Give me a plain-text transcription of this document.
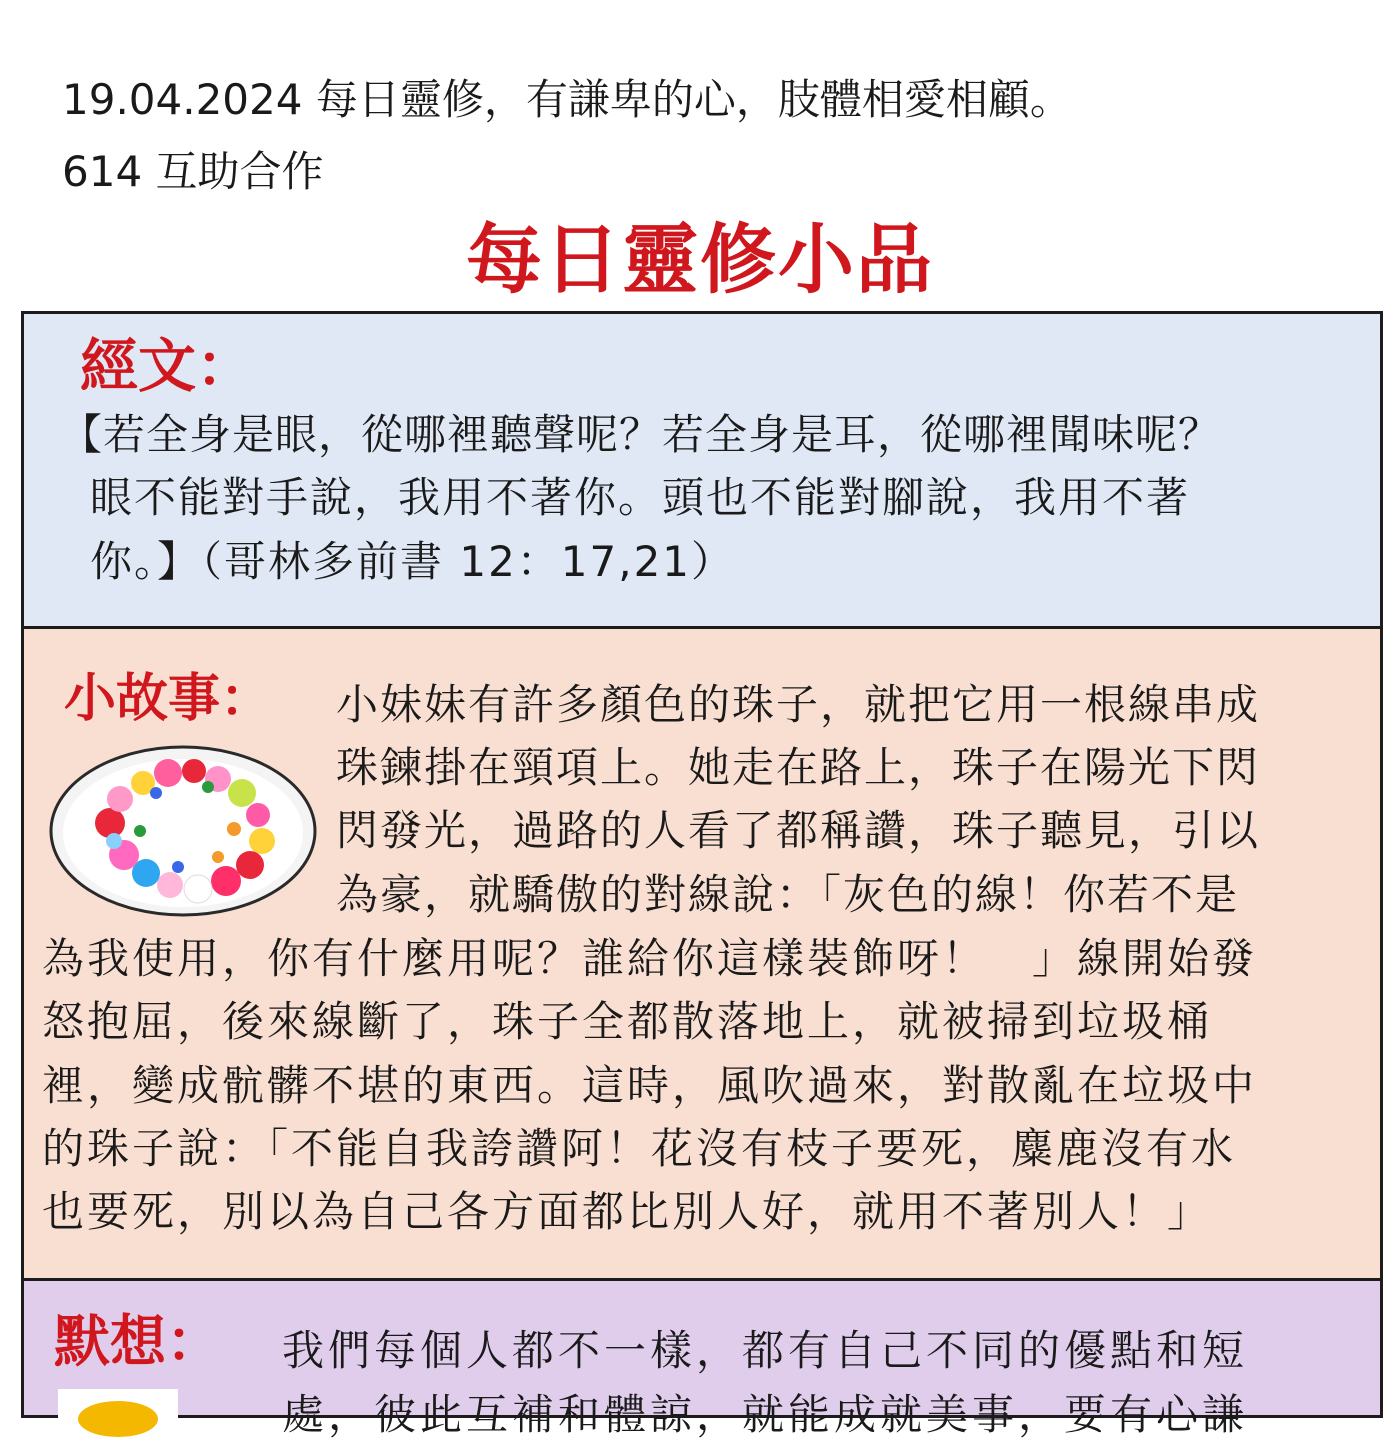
19.04.2024 每日靈修，有謙卑的心，肢體相愛相顧。
614 互助合作
每日靈修小品
經文：
【若全身是眼，從哪裡聽聲呢？若全身是耳，從哪裡聞味呢？
眼不能對手說，我用不著你。頭也不能對腳說，我用不著
你。】（哥林多前書 12：17,21）
小故事： 小妹妹有許多顏色的珠子，就把它用一根線串成
珠鍊掛在頸項上。她走在路上，珠子在陽光下閃
閃發光，過路的人看了都稱讚，珠子聽見，引以
為豪，就驕傲的對線說：「灰色的線！你若不是
為我使用，你有什麼用呢？誰給你這樣裝飾呀！　」線開始發
怒抱屈，後來線斷了，珠子全都散落地上，就被掃到垃圾桶
裡，變成骯髒不堪的東西。這時，風吹過來，對散亂在垃圾中
的珠子說：「不能自我誇讚阿！花沒有枝子要死，麋鹿沒有水
也要死，別以為自己各方面都比別人好，就用不著別人！」
默想： 我們每個人都不一樣，都有自己不同的優點和短
處，彼此互補和體諒，就能成就美事，要有心謙
